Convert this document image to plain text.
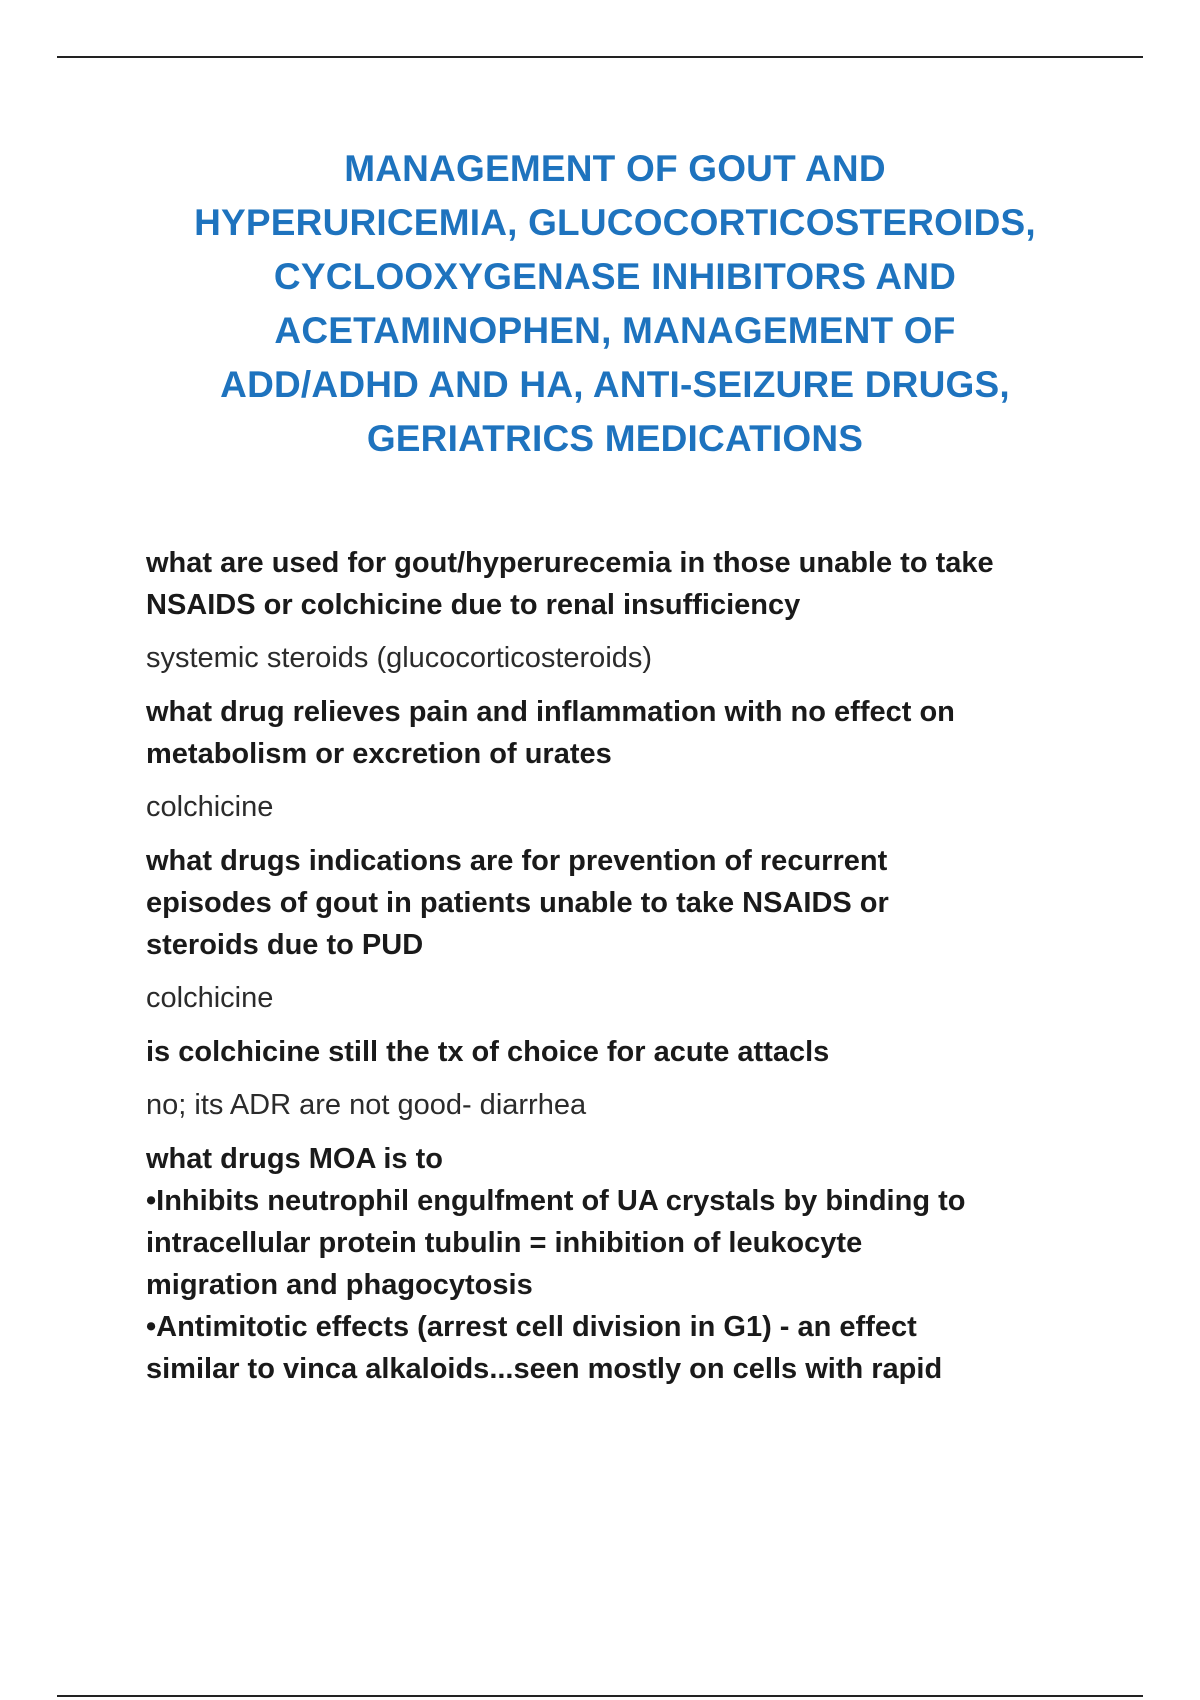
MANAGEMENT OF GOUT AND
HYPERURICEMIA, GLUCOCORTICOSTEROIDS,
CYCLOOXYGENASE INHIBITORS AND
ACETAMINOPHEN, MANAGEMENT OF
ADD/ADHD AND HA, ANTI-SEIZURE DRUGS,
GERIATRICS MEDICATIONS

what are used for gout/hyperurecemia in those unable to take
NSAIDS or colchicine due to renal insufficiency

systemic steroids (glucocorticosteroids)

what drug relieves pain and inflammation with no effect on
metabolism or excretion of urates

colchicine

what drugs indications are for prevention of recurrent
episodes of gout in patients unable to take NSAIDS or
steroids due to PUD

colchicine

is colchicine still the tx of choice for acute attacls

no; its ADR are not good- diarrhea

what drugs MOA is to
•Inhibits neutrophil engulfment of UA crystals by binding to
intracellular protein tubulin = inhibition of leukocyte
migration and phagocytosis
•Antimitotic effects (arrest cell division in G1) - an effect
similar to vinca alkaloids...seen mostly on cells with rapid
